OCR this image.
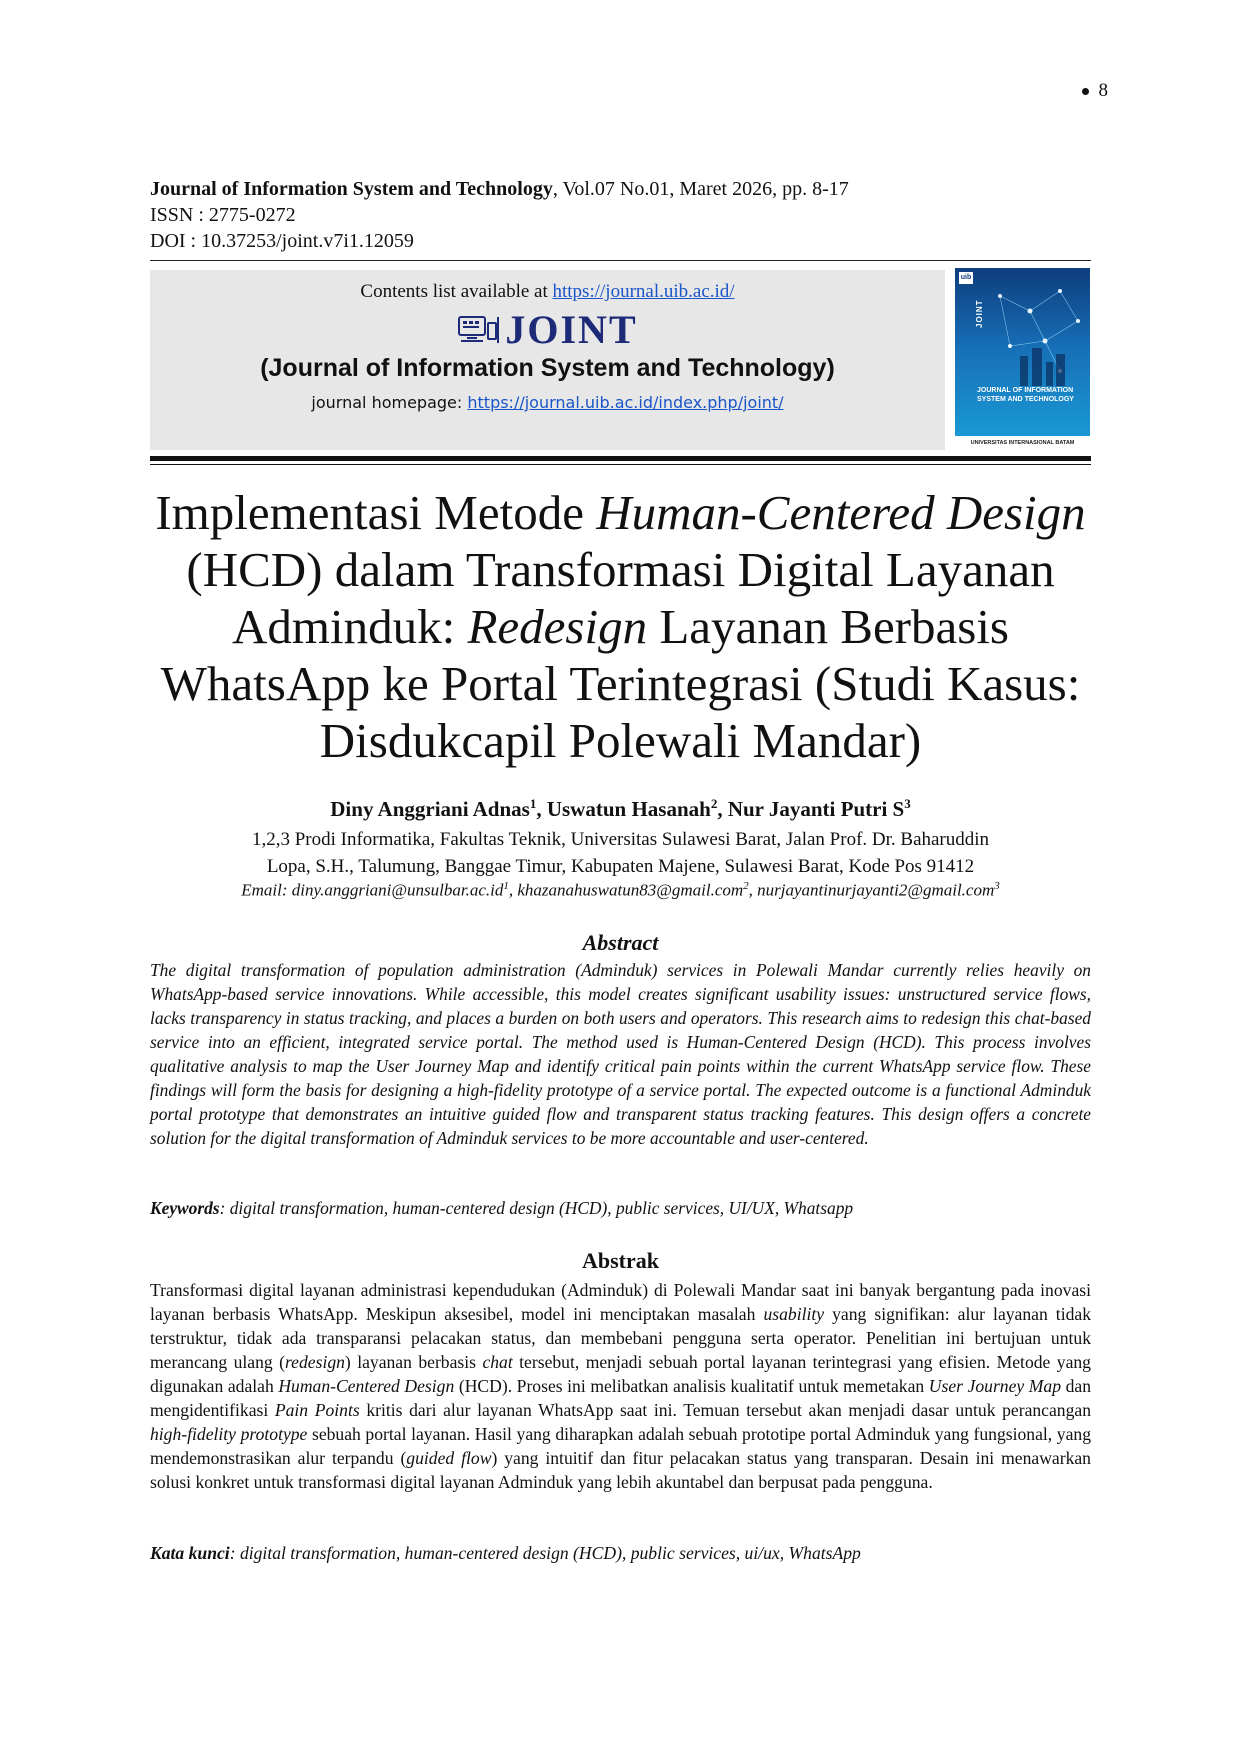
8
Journal of Information System and Technology, Vol.07 No.01, Maret 2026, pp. 8-17
ISSN : 2775-0272
DOI : 10.37253/joint.v7i1.12059
Contents list available at https://journal.uib.ac.id/
JOINT
(Journal of Information System and Technology)
journal homepage: https://journal.uib.ac.id/index.php/joint/
uib
JOINT
JOURNAL OF INFORMATION SYSTEM AND TECHNOLOGY
UNIVERSITAS INTERNASIONAL BATAM
Implementasi Metode Human-Centered Design (HCD) dalam Transformasi Digital Layanan Adminduk: Redesign Layanan Berbasis WhatsApp ke Portal Terintegrasi (Studi Kasus: Disdukcapil Polewali Mandar)
Diny Anggriani Adnas$^1$, Uswatun Hasanah$^2$, Nur Jayanti Putri $S^3$
1,2,3 Prodi Informatika, Fakultas Teknik, Universitas Sulawesi Barat, Jalan Prof. Dr. Baharuddin
Lopa, S.H., Talumung, Banggae Timur, Kabupaten Majene, Sulawesi Barat, Kode Pos 91412
Email: $diny.anggriani@unsulbar.ac.id^1$, khazanahuswatun83@gmail.com$^2$, nurjayantinurjayanti2@gmail.com$^3$
Abstract
The digital transformation of population administration (Adminduk) services in Polewali Mandar currently relies heavily on WhatsApp-based service innovations. While accessible, this model creates significant usability issues: unstructured service flows, lacks transparency in status tracking, and places a burden on both users and operators. This research aims to redesign this chat-based service into an efficient, integrated service portal. The method used is Human-Centered Design (HCD). This process involves qualitative analysis to map the User Journey Map and identify critical pain points within the current WhatsApp service flow. These findings will form the basis for designing a high-fidelity prototype of a service portal. The expected outcome is a functional Adminduk portal prototype that demonstrates an intuitive guided flow and transparent status tracking features. This design offers a concrete solution for the digital transformation of Adminduk services to be more accountable and user-centered.
Keywords: digital transformation, human-centered design (HCD), public services, UI/UX, Whatsapp
Abstrak
Transformasi digital layanan administrasi kependudukan (Adminduk) di Polewali Mandar saat ini banyak bergantung pada inovasi layanan berbasis WhatsApp. Meskipun aksesibel, model ini menciptakan masalah usability yang signifikan: alur layanan tidak terstruktur, tidak ada transparansi pelacakan status, dan membebani pengguna serta operator. Penelitian ini bertujuan untuk merancang ulang (redesign) layanan berbasis chat tersebut, menjadi sebuah portal layanan terintegrasi yang efisien. Metode yang digunakan adalah Human-Centered Design (HCD). Proses ini melibatkan analisis kualitatif untuk memetakan User Journey Map dan mengidentifikasi Pain Points kritis dari alur layanan WhatsApp saat ini. Temuan tersebut akan menjadi dasar untuk perancangan high-fidelity prototype sebuah portal layanan. Hasil yang diharapkan adalah sebuah prototipe portal Adminduk yang fungsional, yang mendemonstrasikan alur terpandu (guided flow) yang intuitif dan fitur pelacakan status yang transparan. Desain ini menawarkan solusi konkret untuk transformasi digital layanan Adminduk yang lebih akuntabel dan berpusat pada pengguna.
Kata kunci: digital transformation, human-centered design (HCD), public services, ui/ux, WhatsApp
